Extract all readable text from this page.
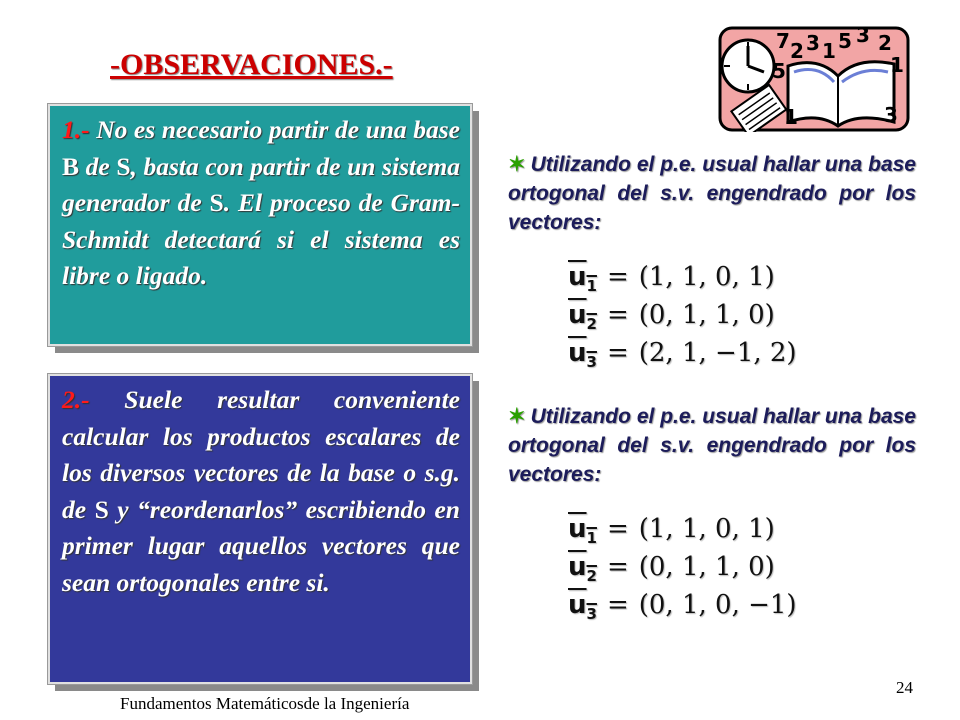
-OBSERVACIONES.-
1.- No es necesario partir de una base B de S, basta con partir de un sistema generador de S. El proceso de Gram-Schmidt detectará si el sistema es libre o ligado.
2.- Suele resultar conveniente calcular los productos escalares de los diversos vectores de la base o s.g. de S y “reordenarlos” escribiendo en primer lugar aquellos vectores que sean ortogonales entre si.

✶ Utilizando el p.e. usual hallar una base ortogonal del s.v. engendrado por los vectores:

$u_1 = (1$, 1, 0, 1)
$u_2 = (0$, 1, 1, 0)
$u_3 = (2$, 1, −1, 2)

✶ Utilizando el p.e. usual hallar una base ortogonal del s.v. engendrado por los vectores:

$u_1 = (1$, 1, 0, 1)
$u_2 = (0$, 1, 1, 0)
$u_3 = (0$, 1, 0, −1)
7 2 3 1 5 3 2
5	1
1	3
Fundamentos Matemáticosde la Ingeniería
24
